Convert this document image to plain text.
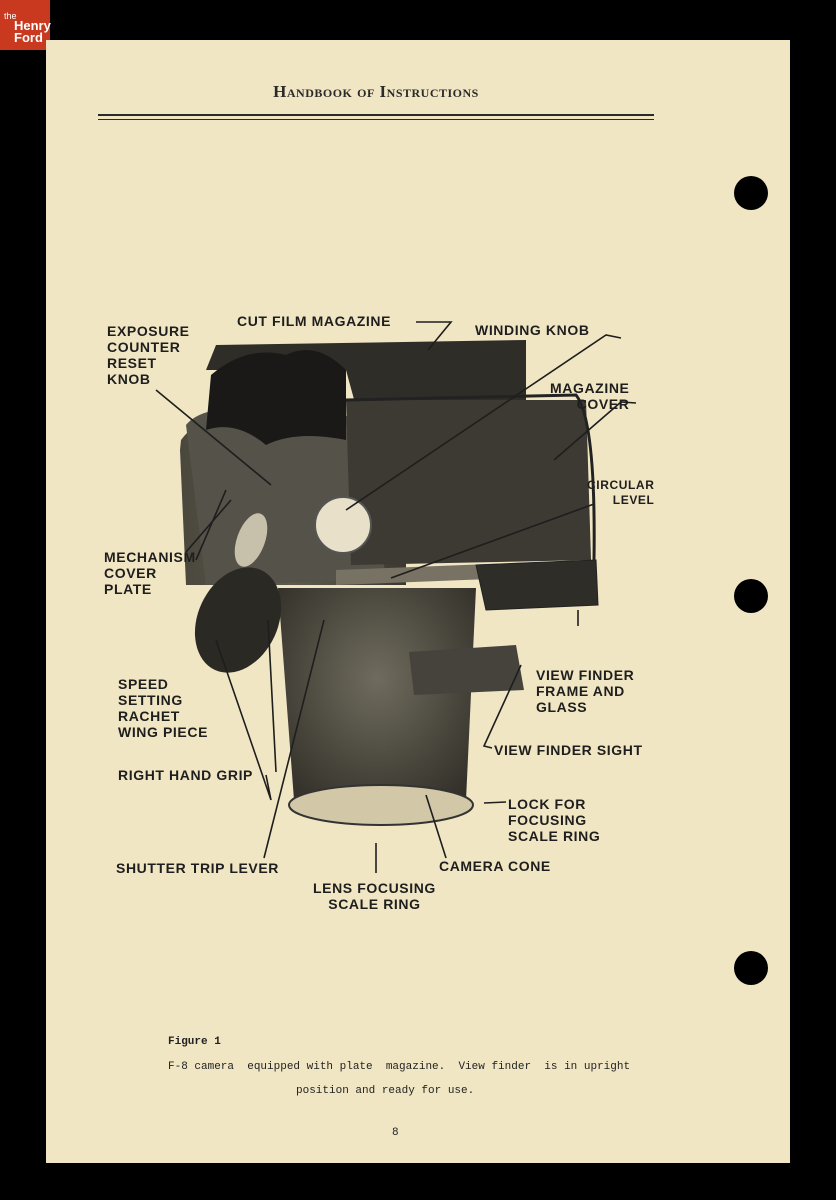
the
Henry
Ford
Handbook of Instructions
EXPOSURE
COUNTER
RESET
KNOB
CUT FILM MAGAZINE
WINDING KNOB
MAGAZINE
COVER
CIRCULAR
LEVEL
MECHANISM
COVER
PLATE
SPEED
SETTING
RACHET
WING PIECE
VIEW FINDER
FRAME AND
GLASS
VIEW FINDER SIGHT
RIGHT HAND GRIP
LOCK FOR
FOCUSING
SCALE RING
SHUTTER TRIP LEVER	CAMERA CONE
LENS FOCUSING
SCALE RING
Figure 1
F-8 camera  equipped with plate  magazine.  View finder  is in upright
position and ready for use.
8
